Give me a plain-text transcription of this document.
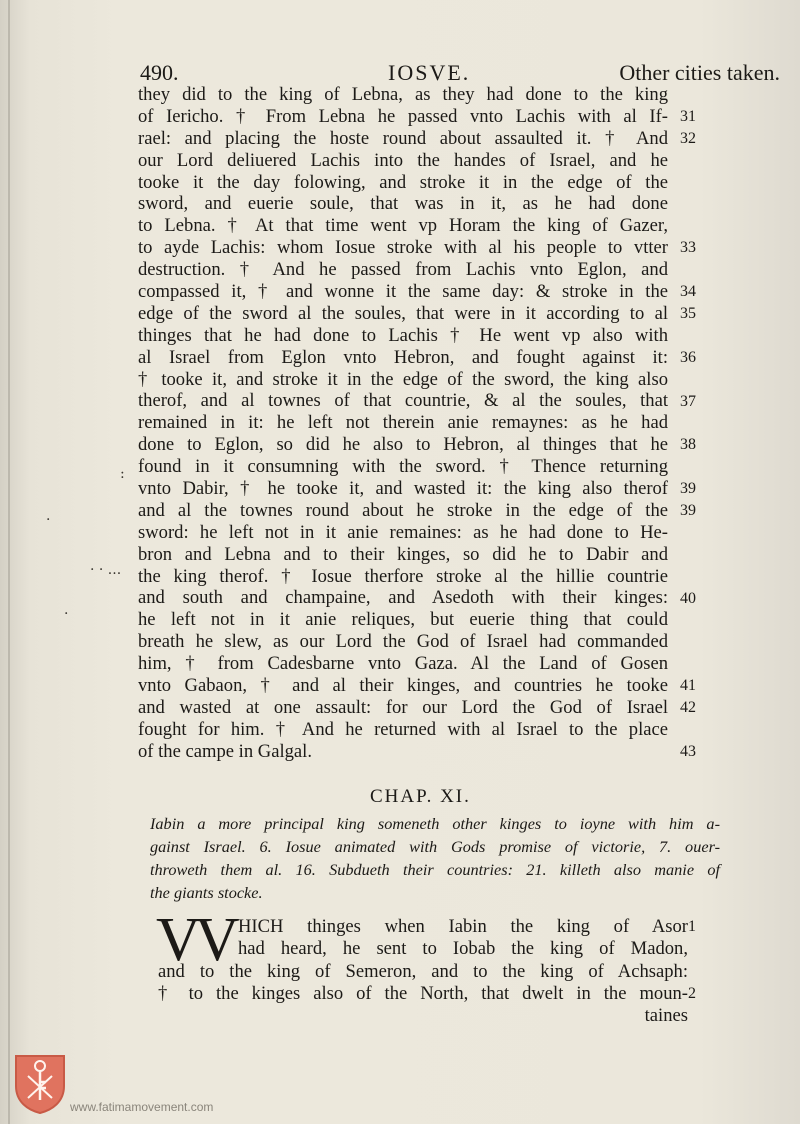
490.	IOSVE.	Other cities taken.
they did to the king of Lebna, as they had done to the king
of Iericho. † From Lebna he passed vnto Lachis with al If-
rael: and placing the hoste round about assaulted it. † And
our Lord deliuered Lachis into the handes of Israel, and he
tooke it the day folowing, and stroke it in the edge of the
sword, and euerie soule, that was in it, as he had done
to Lebna. † At that time went vp Horam the king of Gazer,
to ayde Lachis: whom Iosue stroke with al his people to vtter
destruction. † And he passed from Lachis vnto Eglon, and
compassed it, † and wonne it the same day: & stroke in the
edge of the sword al the soules, that were in it according to al
thinges that he had done to Lachis † He went vp also with
al Israel from Eglon vnto Hebron, and fought against it:
† tooke it, and stroke it in the edge of the sword, the king also
therof, and al townes of that countrie, & al the soules, that
remained in it: he left not therein anie remaynes: as he had
done to Eglon, so did he also to Hebron, al thinges that he
found in it consumning with the sword. † Thence returning
vnto Dabir, † he tooke it, and wasted it: the king also therof
and al the townes round about he stroke in the edge of the
sword: he left not in it anie remaines: as he had done to He-
bron and Lebna and to their kinges, so did he to Dabir and
the king therof. † Iosue therfore stroke al the hillie countrie
and south and champaine, and Asedoth with their kinges:
he left not in it anie reliques, but euerie thing that could
breath he slew, as our Lord the God of Israel had commanded
him, † from Cadesbarne vnto Gaza. Al the Land of Gosen
vnto Gabaon, † and al their kinges, and countries he tooke
and wasted at one assault: for our Lord the God of Israel
fought for him. † And he returned with al Israel to the place
of the campe in Galgal.
31
32
33
34
35
36
37
38
39
39
40
41
42
43
CHAP. XI.
Iabin a more principal king someneth other kinges to ioyne with him a-
gainst Israel. 6. Iosue animated with Gods promise of victorie, 7. ouer-
throweth them al. 16. Subdueth their countries: 21. killeth also manie of
the giants stocke.
VV HICH thinges when Iabin the king of Asor
had heard, he sent to Iobab the king of Madon,
and to the king of Semeron, and to the king of Achsaph:
† to the kinges also of the North, that dwelt in the moun-
taines
1
2
:
·
·
· · ...
www.fatimamovement.com
